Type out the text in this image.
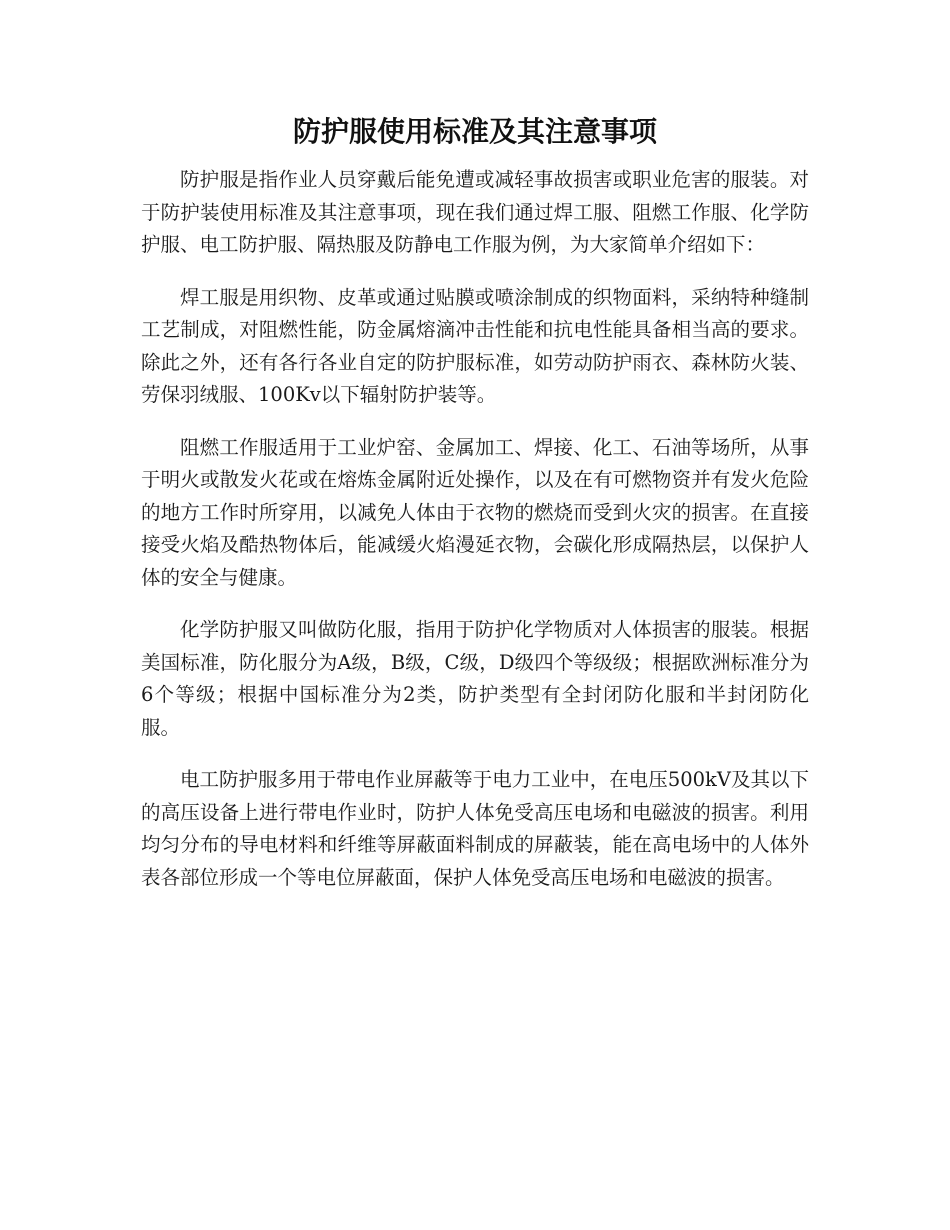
防护服使用标准及其注意事项

防护服是指作业人员穿戴后能免遭或减轻事故损害或职业危害的服装。对于防护装使用标准及其注意事项，现在我们通过焊工服、阻燃工作服、化学防护服、电工防护服、隔热服及防静电工作服为例，为大家简单介绍如下：

焊工服是用织物、皮革或通过贴膜或喷涂制成的织物面料，采纳特种缝制工艺制成，对阻燃性能，防金属熔滴冲击性能和抗电性能具备相当高的要求。除此之外，还有各行各业自定的防护服标准，如劳动防护雨衣、森林防火装、劳保羽绒服、100Kv以下辐射防护装等。

阻燃工作服适用于工业炉窑、金属加工、焊接、化工、石油等场所，从事于明火或散发火花或在熔炼金属附近处操作，以及在有可燃物资并有发火危险的地方工作时所穿用，以减免人体由于衣物的燃烧而受到火灾的损害。在直接接受火焰及酷热物体后，能减缓火焰漫延衣物，会碳化形成隔热层，以保护人体的安全与健康。

化学防护服又叫做防化服，指用于防护化学物质对人体损害的服装。根据美国标准，防化服分为A级，B级，C级，D级四个等级级；根据欧洲标准分为6个等级；根据中国标准分为2类，防护类型有全封闭防化服和半封闭防化服。

电工防护服多用于带电作业屏蔽等于电力工业中，在电压500kV及其以下的高压设备上进行带电作业时，防护人体免受高压电场和电磁波的损害。利用均匀分布的导电材料和纤维等屏蔽面料制成的屏蔽装，能在高电场中的人体外表各部位形成一个等电位屏蔽面，保护人体免受高压电场和电磁波的损害。
